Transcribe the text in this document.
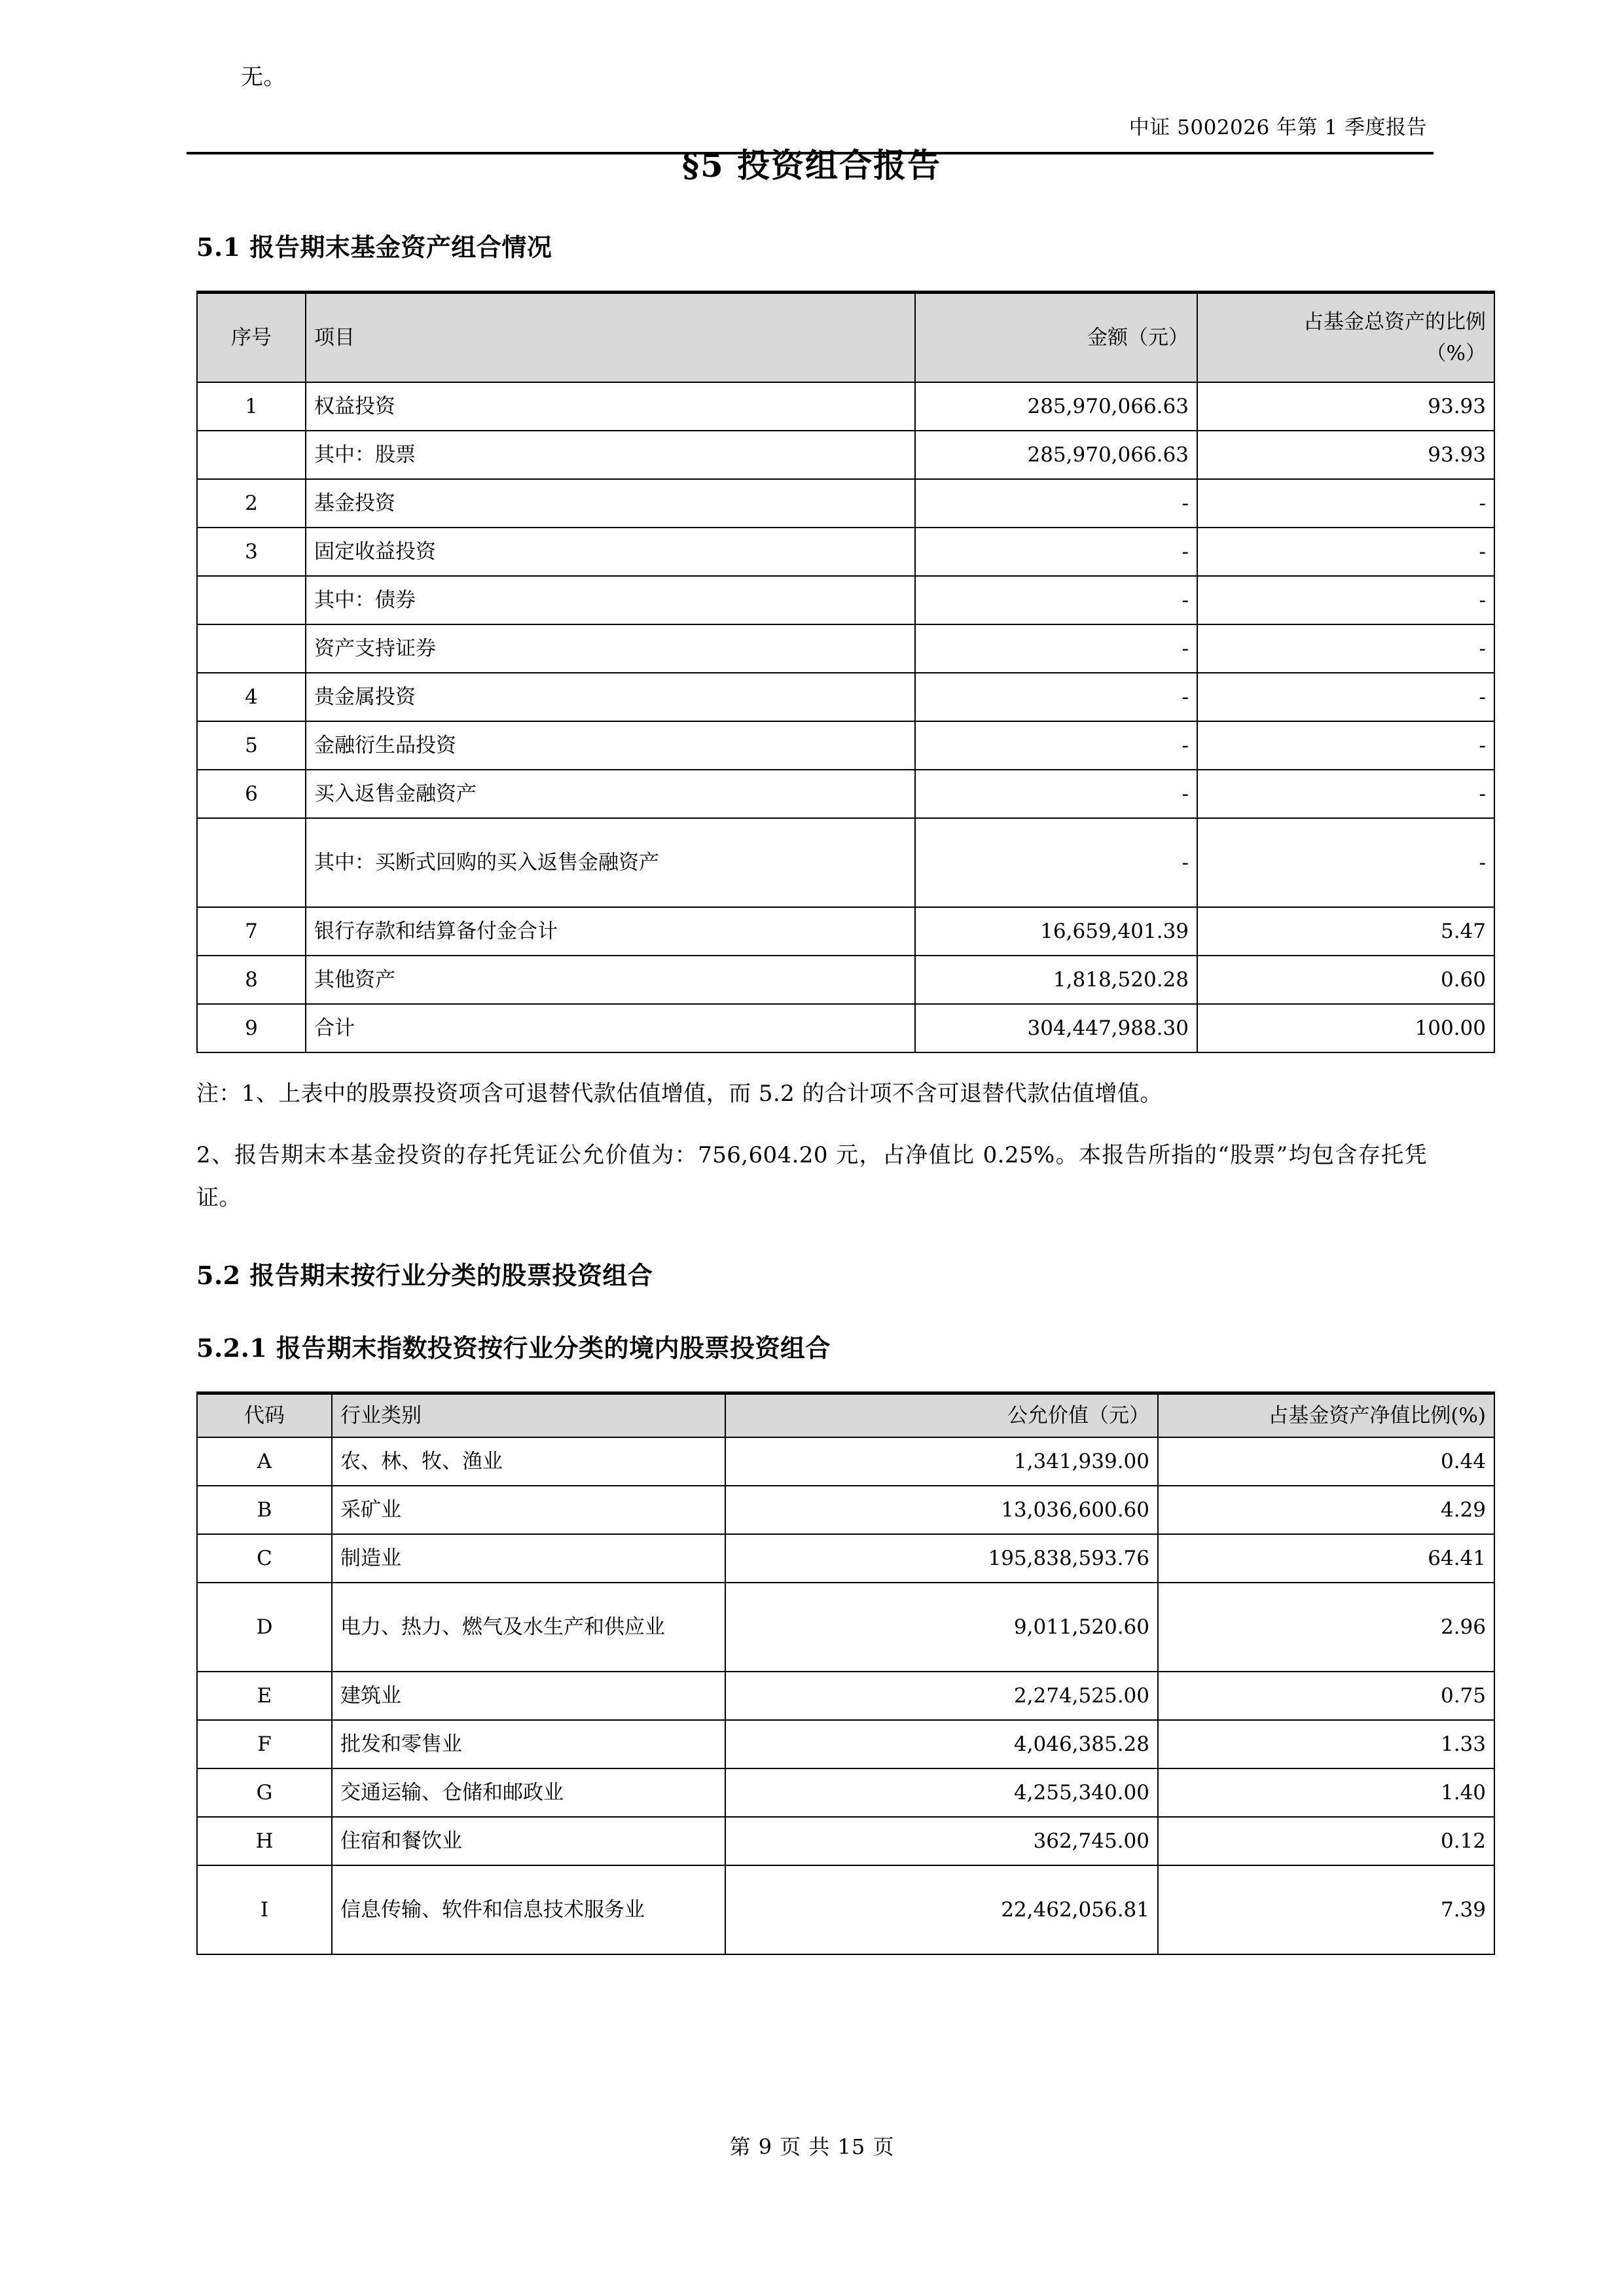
中证 5002026 年第 1 季度报告
无。
§5 投资组合报告
5.1 报告期末基金资产组合情况
序号	项目	金额（元）	占基金总资产的比例
（%）

1	权益投资	285,970,066.63	93.93
	其中：股票	285,970,066.63	93.93
2	基金投资	-	-
3	固定收益投资	-	-
	其中：债券	-	-
	资产支持证券	-	-
4	贵金属投资	-	-
5	金融衍生品投资	-	-
6	买入返售金融资产	-	-
	其中：买断式回购的买入返售金融资产	-	-
7	银行存款和结算备付金合计	16,659,401.39	5.47
8	其他资产	1,818,520.28	0.60
9	合计	304,447,988.30	100.00
注：1、上表中的股票投资项含可退替代款估值增值，而 5.2 的合计项不含可退替代款估值增值。
2、报告期末本基金投资的存托凭证公允价值为：756,604.20 元，占净值比 0.25%。本报告所指的“股票”均包含存托凭证。
5.2 报告期末按行业分类的股票投资组合
5.2.1 报告期末指数投资按行业分类的境内股票投资组合
代码	行业类别	公允价值（元）	占基金资产净值比例(%)
A	农、林、牧、渔业	1,341,939.00	0.44
B	采矿业	13,036,600.60	4.29
C	制造业	195,838,593.76	64.41
D	电力、热力、燃气及水生产和供应业	9,011,520.60	2.96
E	建筑业	2,274,525.00	0.75
F	批发和零售业	4,046,385.28	1.33
G	交通运输、仓储和邮政业	4,255,340.00	1.40
H	住宿和餐饮业	362,745.00	0.12
I	信息传输、软件和信息技术服务业	22,462,056.81	7.39
第 9 页 共 15 页
